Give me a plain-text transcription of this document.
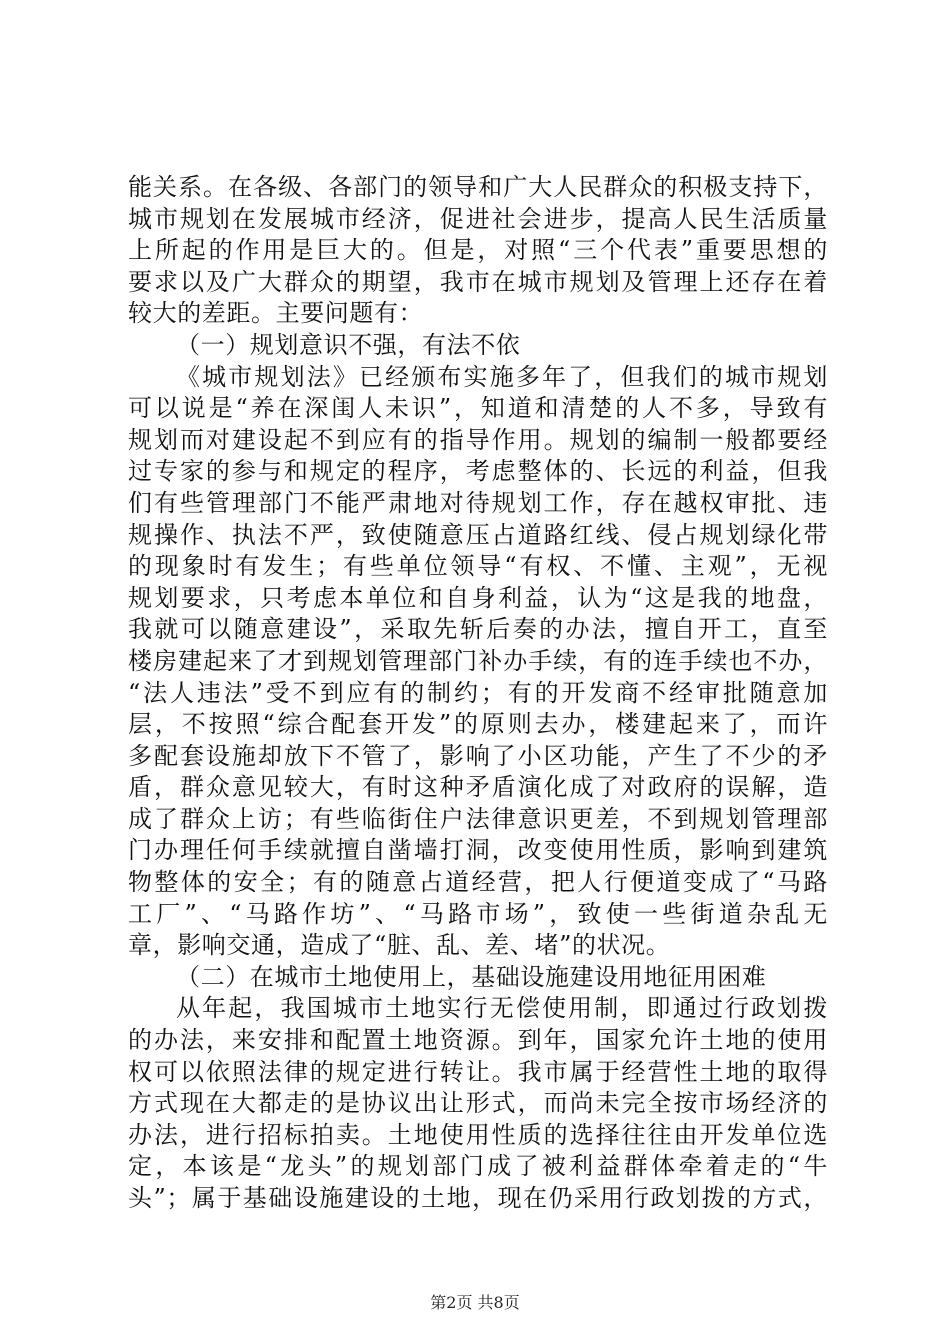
能关系。在各级、各部门的领导和广大人民群众的积极支持下，
城市规划在发展城市经济，促进社会进步，提高人民生活质量
上所起的作用是巨大的。但是，对照“三个代表”重要思想的
要求以及广大群众的期望，我市在城市规划及管理上还存在着
较大的差距。主要问题有：
（一）规划意识不强，有法不依
《城市规划法》已经颁布实施多年了，但我们的城市规划
可以说是“养在深闺人未识”，知道和清楚的人不多，导致有
规划而对建设起不到应有的指导作用。规划的编制一般都要经
过专家的参与和规定的程序，考虑整体的、长远的利益，但我
们有些管理部门不能严肃地对待规划工作，存在越权审批、违
规操作、执法不严，致使随意压占道路红线、侵占规划绿化带
的现象时有发生；有些单位领导“有权、不懂、主观”，无视
规划要求，只考虑本单位和自身利益，认为“这是我的地盘，
我就可以随意建设”，采取先斩后奏的办法，擅自开工，直至
楼房建起来了才到规划管理部门补办手续，有的连手续也不办，
“法人违法”受不到应有的制约；有的开发商不经审批随意加
层，不按照“综合配套开发”的原则去办，楼建起来了，而许
多配套设施却放下不管了，影响了小区功能，产生了不少的矛
盾，群众意见较大，有时这种矛盾演化成了对政府的误解，造
成了群众上访；有些临街住户法律意识更差，不到规划管理部
门办理任何手续就擅自凿墙打洞，改变使用性质，影响到建筑
物整体的安全；有的随意占道经营，把人行便道变成了“马路
工厂”、“马路作坊”、“马路市场”，致使一些街道杂乱无
章，影响交通，造成了“脏、乱、差、堵”的状况。
（二）在城市土地使用上，基础设施建设用地征用困难
从年起，我国城市土地实行无偿使用制，即通过行政划拨
的办法，来安排和配置土地资源。到年，国家允许土地的使用
权可以依照法律的规定进行转让。我市属于经营性土地的取得
方式现在大都走的是协议出让形式，而尚未完全按市场经济的
办法，进行招标拍卖。土地使用性质的选择往往由开发单位选
定，本该是“龙头”的规划部门成了被利益群体牵着走的“牛
头”；属于基础设施建设的土地，现在仍采用行政划拨的方式，
第2页 共8页
